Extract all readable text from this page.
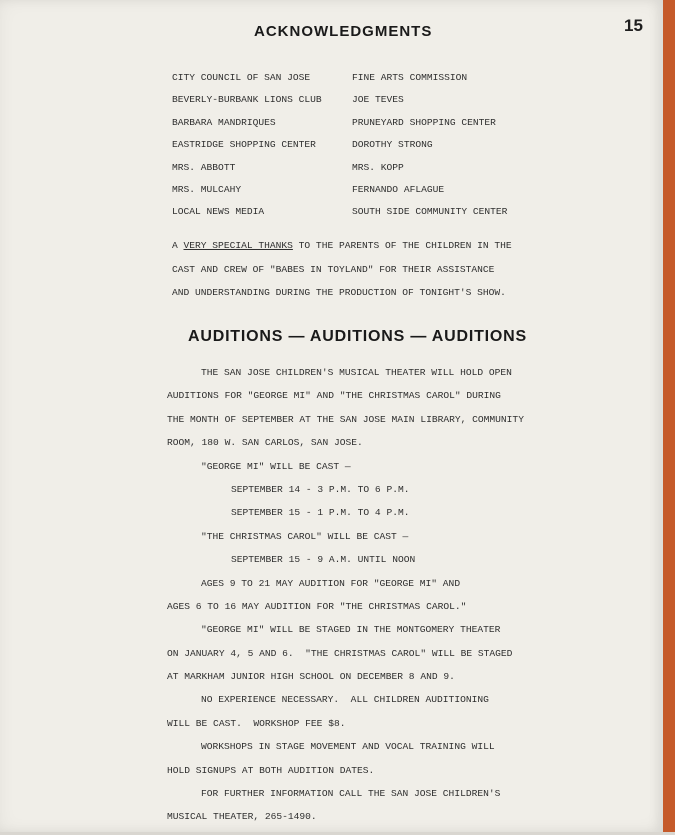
15
ACKNOWLEDGMENTS
CITY COUNCIL OF SAN JOSE
BEVERLY-BURBANK LIONS CLUB
BARBARA MANDRIQUES
EASTRIDGE SHOPPING CENTER
MRS. ABBOTT
MRS. MULCAHY
LOCAL NEWS MEDIA
FINE ARTS COMMISSION
JOE TEVES
PRUNEYARD SHOPPING CENTER
DOROTHY STRONG
MRS. KOPP
FERNANDO AFLAGUE
SOUTH SIDE COMMUNITY CENTER
A VERY SPECIAL THANKS TO THE PARENTS OF THE CHILDREN IN THE
CAST AND CREW OF "BABES IN TOYLAND" FOR THEIR ASSISTANCE
AND UNDERSTANDING DURING THE PRODUCTION OF TONIGHT'S SHOW.
AUDITIONS — AUDITIONS — AUDITIONS
THE SAN JOSE CHILDREN'S MUSICAL THEATER WILL HOLD OPEN
AUDITIONS FOR "GEORGE MI" AND "THE CHRISTMAS CAROL" DURING
THE MONTH OF SEPTEMBER AT THE SAN JOSE MAIN LIBRARY, COMMUNITY
ROOM, 180 W. SAN CARLOS, SAN JOSE.
"GEORGE MI" WILL BE CAST —
SEPTEMBER 14 - 3 P.M. TO 6 P.M.
SEPTEMBER 15 - 1 P.M. TO 4 P.M.
"THE CHRISTMAS CAROL" WILL BE CAST —
SEPTEMBER 15 - 9 A.M. UNTIL NOON
AGES 9 TO 21 MAY AUDITION FOR "GEORGE MI" AND
AGES 6 TO 16 MAY AUDITION FOR "THE CHRISTMAS CAROL."
"GEORGE MI" WILL BE STAGED IN THE MONTGOMERY THEATER
ON JANUARY 4, 5 AND 6.  "THE CHRISTMAS CAROL" WILL BE STAGED
AT MARKHAM JUNIOR HIGH SCHOOL ON DECEMBER 8 AND 9.
NO EXPERIENCE NECESSARY.  ALL CHILDREN AUDITIONING
WILL BE CAST.  WORKSHOP FEE $8.
WORKSHOPS IN STAGE MOVEMENT AND VOCAL TRAINING WILL
HOLD SIGNUPS AT BOTH AUDITION DATES.
FOR FURTHER INFORMATION CALL THE SAN JOSE CHILDREN'S
MUSICAL THEATER, 265-1490.
